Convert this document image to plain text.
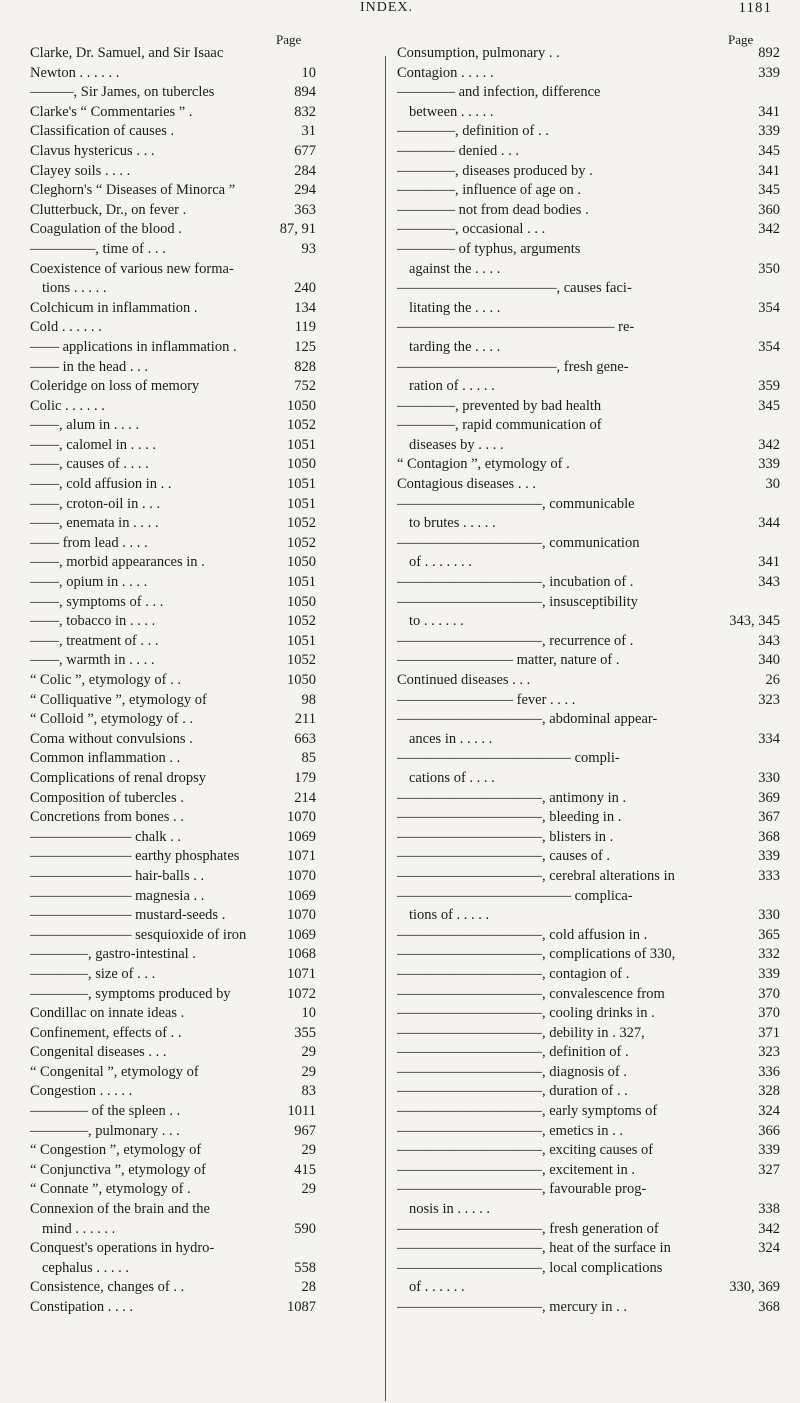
INDEX.	1181
Page	Page
Clarke, Dr. Samuel, and Sir Isaac
Newton . . . . . .	10
———, Sir James, on tubercles	894
Clarke's “ Commentaries ” .	832
Classification of causes .	31
Clavus hystericus . . .	677
Clayey soils . . . .	284
Cleghorn's “ Diseases of Minorca ”	294
Clutterbuck, Dr., on fever .	363
Coagulation of the blood .	87, 91
————–, time of . . .	93
Coexistence of various new forma-
tions . . . . .	240
Colchicum in inflammation .	134
Cold . . . . . .	119
—— applications in inflammation .	125
—— in the head . . .	828
Coleridge on loss of memory	752
Colic . . . . . .	1050
——, alum in . . . .	1052
——, calomel in . . . .	1051
——, causes of . . . .	1050
——, cold affusion in . .	1051
——, croton-oil in . . .	1051
——, enemata in . . . .	1052
—— from lead . . . .	1052
——, morbid appearances in .	1050
——, opium in . . . .	1051
——, symptoms of . . .	1050
——, tobacco in . . . .	1052
——, treatment of . . .	1051
——, warmth in . . . .	1052
“ Colic ”, etymology of . .	1050
“ Colliquative ”, etymology of	98
“ Colloid ”, etymology of . .	211
Coma without convulsions .	663
Common inflammation . .	85
Complications of renal dropsy	179
Composition of tubercles .	214
Concretions from bones . .	1070
——————— chalk . .	1069
——————— earthy phosphates	1071
——————— hair-balls . .	1070
——————— magnesia . .	1069
——————— mustard-seeds .	1070
——————— sesquioxide of iron	1069
————, gastro-intestinal .	1068
————, size of . . .	1071
————, symptoms produced by	1072
Condillac on innate ideas .	10
Confinement, effects of . .	355
Congenital diseases . . .	29
“ Congenital ”, etymology of	29
Congestion . . . . .	83
———— of the spleen . .	1011
————, pulmonary . . .	967
“ Congestion ”, etymology of	29
“ Conjunctiva ”, etymology of	415
“ Connate ”, etymology of .	29
Connexion of the brain and the
mind . . . . . .	590
Conquest's operations in hydro-
cephalus . . . . .	558
Consistence, changes of . .	28
Constipation . . . .	1087
Consumption, pulmonary . .	892
Contagion . . . . .	339
———— and infection, difference
between . . . . .	341
————, definition of . .	339
———— denied . . .	345
————, diseases produced by .	341
————, influence of age on .	345
———— not from dead bodies .	360
————, occasional . . .	342
———— of typhus, arguments
against the . . . .	350
———————————, causes faci-
litating the . . . .	354
——————————————— re-
tarding the . . . .	354
———————————, fresh gene-
ration of . . . . .	359
————, prevented by bad health	345
————, rapid communication of
diseases by . . . .	342
“ Contagion ”, etymology of .	339
Contagious diseases . . .	30
——————————, communicable
to brutes . . . . .	344
——————————, communication
of . . . . . . .	341
——————————, incubation of .	343
——————————, insusceptibility
to . . . . . .	343, 345
——————————, recurrence of .	343
———————— matter, nature of .	340
Continued diseases . . .	26
———————— fever . . . .	323
——————————, abdominal appear-
ances in . . . . .	334
———————————— compli-
cations of . . . .	330
——————————, antimony in .	369
——————————, bleeding in .	367
——————————, blisters in .	368
——————————, causes of .	339
——————————, cerebral alterations in	333
———————————— complica-
tions of . . . . .	330
——————————, cold affusion in .	365
——————————, complications of 330,	332
——————————, contagion of .	339
——————————, convalescence from	370
——————————, cooling drinks in .	370
——————————, debility in . 327,	371
——————————, definition of .	323
——————————, diagnosis of .	336
——————————, duration of . .	328
——————————, early symptoms of	324
——————————, emetics in . .	366
——————————, exciting causes of	339
——————————, excitement in .	327
——————————, favourable prog-
nosis in . . . . .	338
——————————, fresh generation of	342
——————————, heat of the surface in	324
——————————, local complications
of . . . . . .	330, 369
——————————, mercury in . .	368
